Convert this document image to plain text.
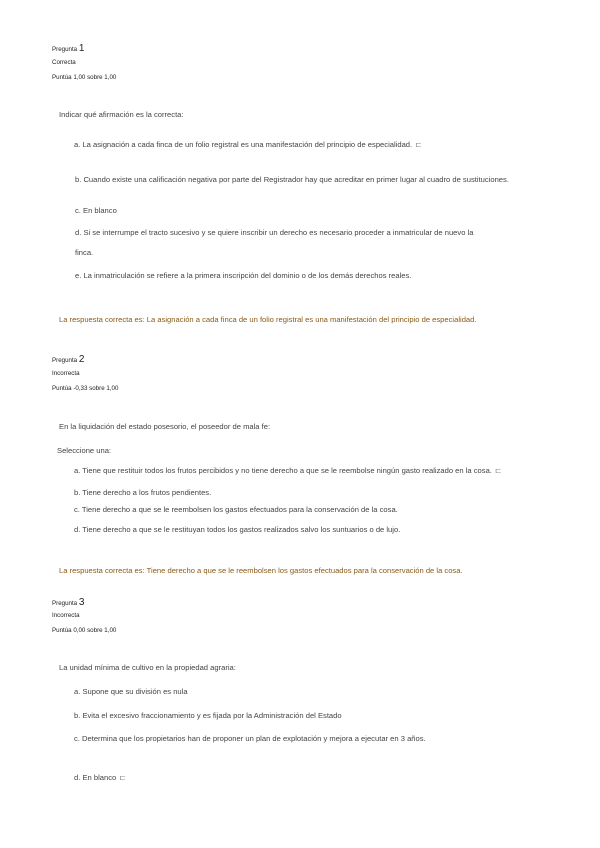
Pregunta 1
Correcta
Puntúa 1,00 sobre 1,00
Indicar qué afirmación es la correcta:
a. La asignación a cada finca de un folio registral es una manifestación del principio de especialidad. ⊏
b. Cuando existe una calificación negativa por parte del Registrador hay que acreditar en primer lugar al cuadro de sustituciones.
c. En blanco
d. Si se interrumpe el tracto sucesivo y se quiere inscribir un derecho es necesario proceder a inmatricular de nuevo la
finca.
e. La inmatriculación se refiere a la primera inscripción del dominio o de los demás derechos reales.
La respuesta correcta es: La asignación a cada finca de un folio registral es una manifestación del principio de especialidad.
Pregunta 2
Incorrecta
Puntúa -0,33 sobre 1,00
En la liquidación del estado posesorio, el poseedor de mala fe:
Seleccione una:
a. Tiene que restituir todos los frutos percibidos y no tiene derecho a que se le reembolse ningún gasto realizado en la cosa. ⊏
b. Tiene derecho a los frutos pendientes.
c. Tiene derecho a que se le reembolsen los gastos efectuados para la conservación de la cosa.
d. Tiene derecho a que se le restituyan todos los gastos realizados salvo los suntuarios o de lujo.
La respuesta correcta es: Tiene derecho a que se le reembolsen los gastos efectuados para la conservación de la cosa.
Pregunta 3
Incorrecta
Puntúa 0,00 sobre 1,00
La unidad mínima de cultivo en la propiedad agraria:
a. Supone que su división es nula
b. Evita el excesivo fraccionamiento y es fijada por la Administración del Estado
c. Determina que los propietarios han de proponer un plan de explotación y mejora a ejecutar en 3 años.
d. En blanco ⊏
